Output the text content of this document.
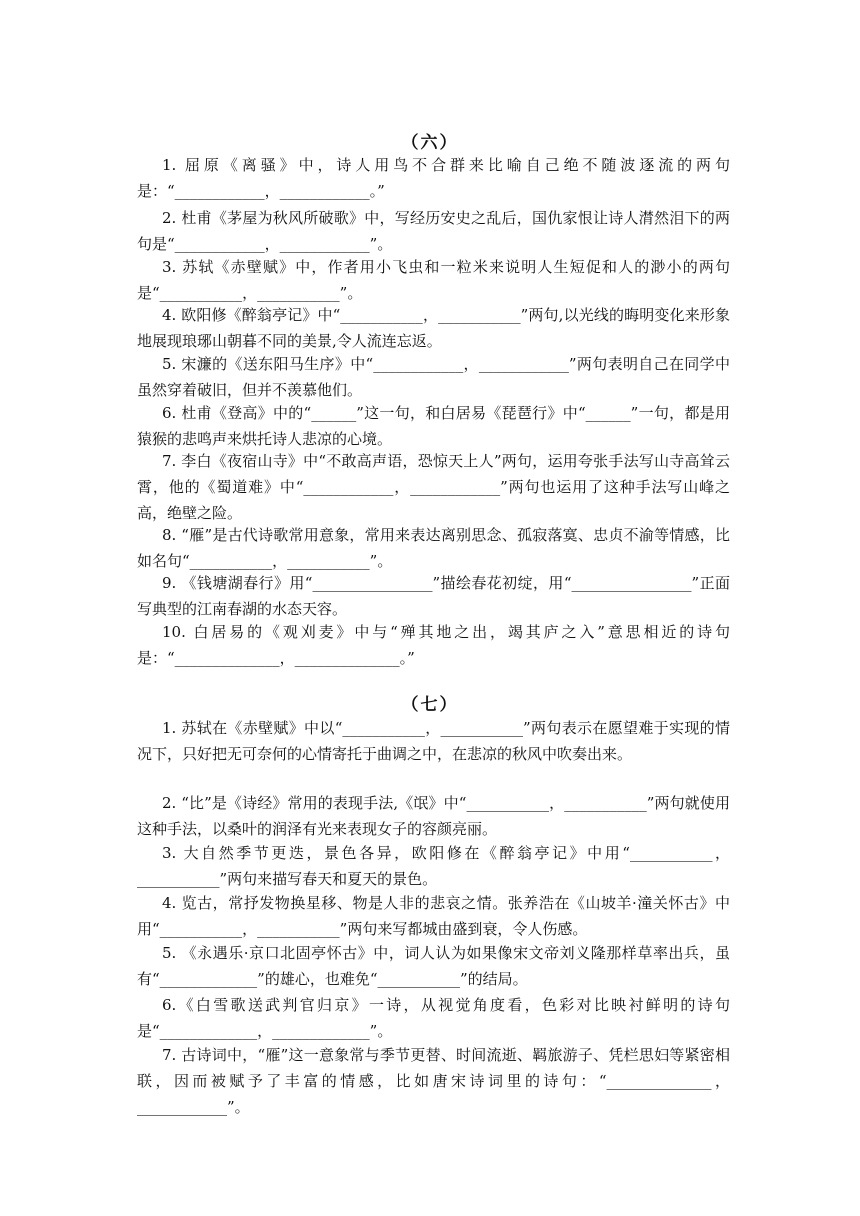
（六）

1. 屈原《离骚》中，诗人用鸟不合群来比喻自己绝不随波逐流的两句是：“____________，____________。”

2. 杜甫《茅屋为秋风所破歌》中，写经历安史之乱后，国仇家恨让诗人潸然泪下的两句是“____________，____________”。

3. 苏轼《赤壁赋》中，作者用小飞虫和一粒米来说明人生短促和人的渺小的两句是“___________，___________”。

4. 欧阳修《醉翁亭记》中“___________，___________”两句,以光线的晦明变化来形象地展现琅琊山朝暮不同的美景,令人流连忘返。

5. 宋濂的《送东阳马生序》中“____________，____________”两句表明自己在同学中虽然穿着破旧，但并不羡慕他们。

6. 杜甫《登高》中的“______”这一句，和白居易《琵琶行》中“______”一句，都是用猿猴的悲鸣声来烘托诗人悲凉的心境。

7. 李白《夜宿山寺》中“不敢高声语，恐惊天上人”两句，运用夸张手法写山寺高耸云霄，他的《蜀道难》中“____________，____________”两句也运用了这种手法写山峰之高，绝壁之险。

8. “雁”是古代诗歌常用意象，常用来表达离别思念、孤寂落寞、忠贞不渝等情感，比如名句“___________，___________”。

9. 《钱塘湖春行》用“________________”描绘春花初绽，用“________________”正面写典型的江南春湖的水态天容。

10. 白居易的《观刈麦》中与“殚其地之出，竭其庐之入”意思相近的诗句是：“______________，______________。”

（七）

1. 苏轼在《赤壁赋》中以“___________，___________”两句表示在愿望难于实现的情况下，只好把无可奈何的心情寄托于曲调之中，在悲凉的秋风中吹奏出来。

2. “比”是《诗经》常用的表现手法,《氓》中“___________，___________”两句就使用这种手法，以桑叶的润泽有光来表现女子的容颜亮丽。

3. 大自然季节更迭，景色各异，欧阳修在《醉翁亭记》中用“___________，___________”两句来描写春天和夏天的景色。

4. 览古，常抒发物换星移、物是人非的悲哀之情。张养浩在《山坡羊·潼关怀古》中用“___________，___________”两句来写都城由盛到衰，令人伤感。

5. 《永遇乐·京口北固亭怀古》中，词人认为如果像宋文帝刘义隆那样草率出兵，虽有“_____________”的雄心，也难免“___________”的结局。

6.《白雪歌送武判官归京》一诗，从视觉角度看，色彩对比映衬鲜明的诗句是“_____________，_____________”。

7. 古诗词中，“雁”这一意象常与季节更替、时间流逝、羁旅游子、凭栏思妇等紧密相联，因而被赋予了丰富的情感，比如唐宋诗词里的诗句：“______________，____________”。
